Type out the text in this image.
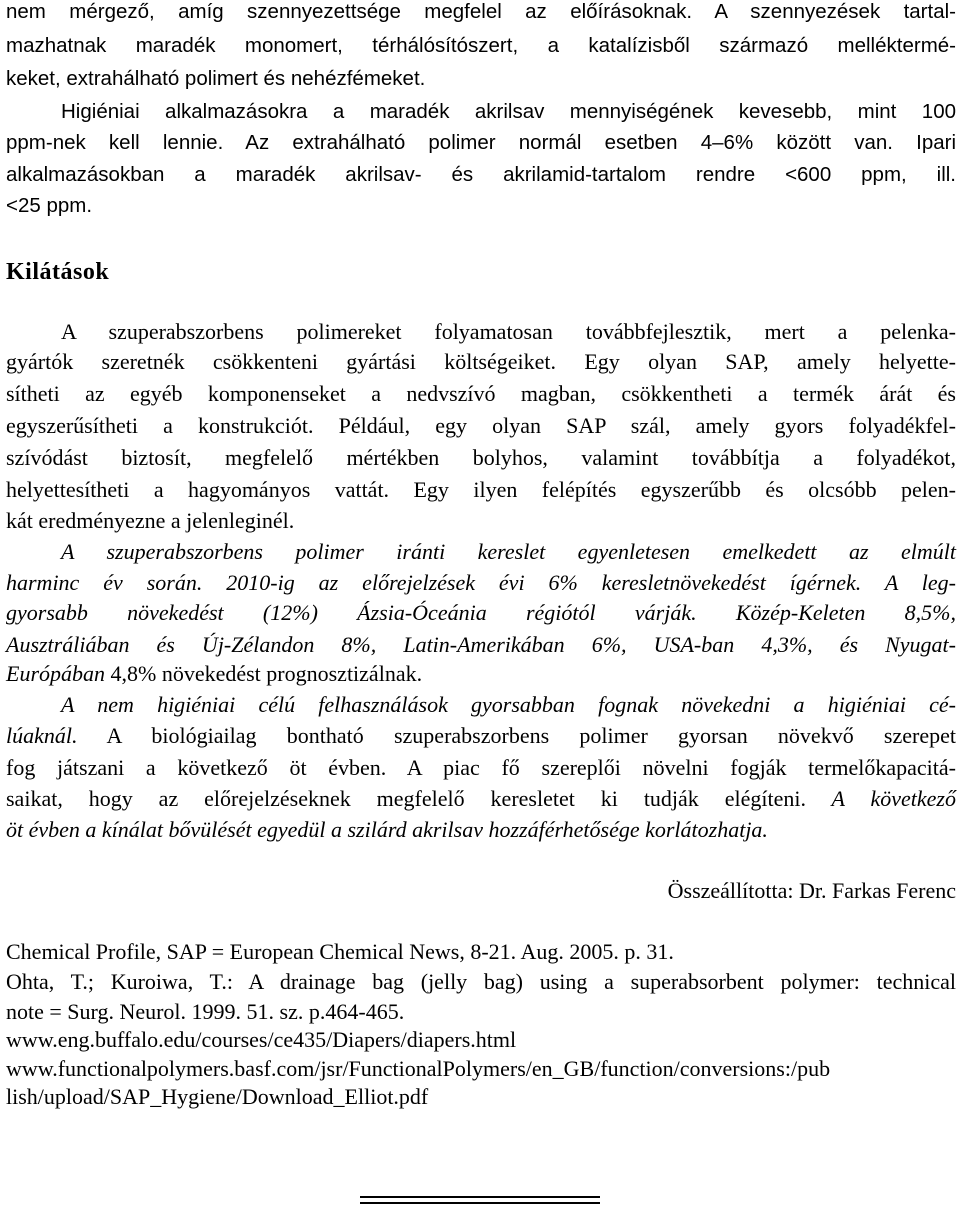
nem mérgező, amíg szennyezettsége megfelel az előírásoknak. A szennyezések tartal-
mazhatnak maradék monomert, térhálósítószert, a katalízisből származó melléktermé-
keket, extrahálható polimert és nehézfémeket.
Higiéniai alkalmazásokra a maradék akrilsav mennyiségének kevesebb, mint 100
ppm-nek kell lennie. Az extrahálható polimer normál esetben 4–6% között van. Ipari
alkalmazásokban a maradék akrilsav- és akrilamid-tartalom rendre <600 ppm, ill.
<25 ppm.
Kilátások
A szuperabszorbens polimereket folyamatosan továbbfejlesztik, mert a pelenka-
gyártók szeretnék csökkenteni gyártási költségeiket. Egy olyan SAP, amely helyette-
sítheti az egyéb komponenseket a nedvszívó magban, csökkentheti a termék árát és
egyszerűsítheti a konstrukciót. Például, egy olyan SAP szál, amely gyors folyadékfel-
szívódást biztosít, megfelelő mértékben bolyhos, valamint továbbítja a folyadékot,
helyettesítheti a hagyományos vattát. Egy ilyen felépítés egyszerűbb és olcsóbb pelen-
kát eredményezne a jelenleginél.
A szuperabszorbens polimer iránti kereslet egyenletesen emelkedett az elmúlt
harminc év során. 2010-ig az előrejelzések évi 6% keresletnövekedést ígérnek. A leg-
gyorsabb növekedést (12%) Ázsia-Óceánia régiótól várják. Közép-Keleten 8,5%,
Ausztráliában és Új-Zélandon 8%, Latin-Amerikában 6%, USA-ban 4,3%, és Nyugat-
Európában 4,8% növekedést prognosztizálnak.
A nem higiéniai célú felhasználások gyorsabban fognak növekedni a higiéniai cé-
lúaknál. A biológiailag bontható szuperabszorbens polimer gyorsan növekvő szerepet
fog játszani a következő öt évben. A piac fő szereplői növelni fogják termelőkapacitá-
saikat, hogy az előrejelzéseknek megfelelő keresletet ki tudják elégíteni. A következő
öt évben a kínálat bővülését egyedül a szilárd akrilsav hozzáférhetősége korlátozhatja.
Összeállította: Dr. Farkas Ferenc
Chemical Profile, SAP = European Chemical News, 8-21. Aug. 2005. p. 31.
Ohta, T.; Kuroiwa, T.: A drainage bag (jelly bag) using a superabsorbent polymer: technical
note = Surg. Neurol. 1999. 51. sz. p.464-465.
www.eng.buffalo.edu/courses/ce435/Diapers/diapers.html
www.functionalpolymers.basf.com/jsr/FunctionalPolymers/en_GB/function/conversions:/pub
lish/upload/SAP_Hygiene/Download_Elliot.pdf
